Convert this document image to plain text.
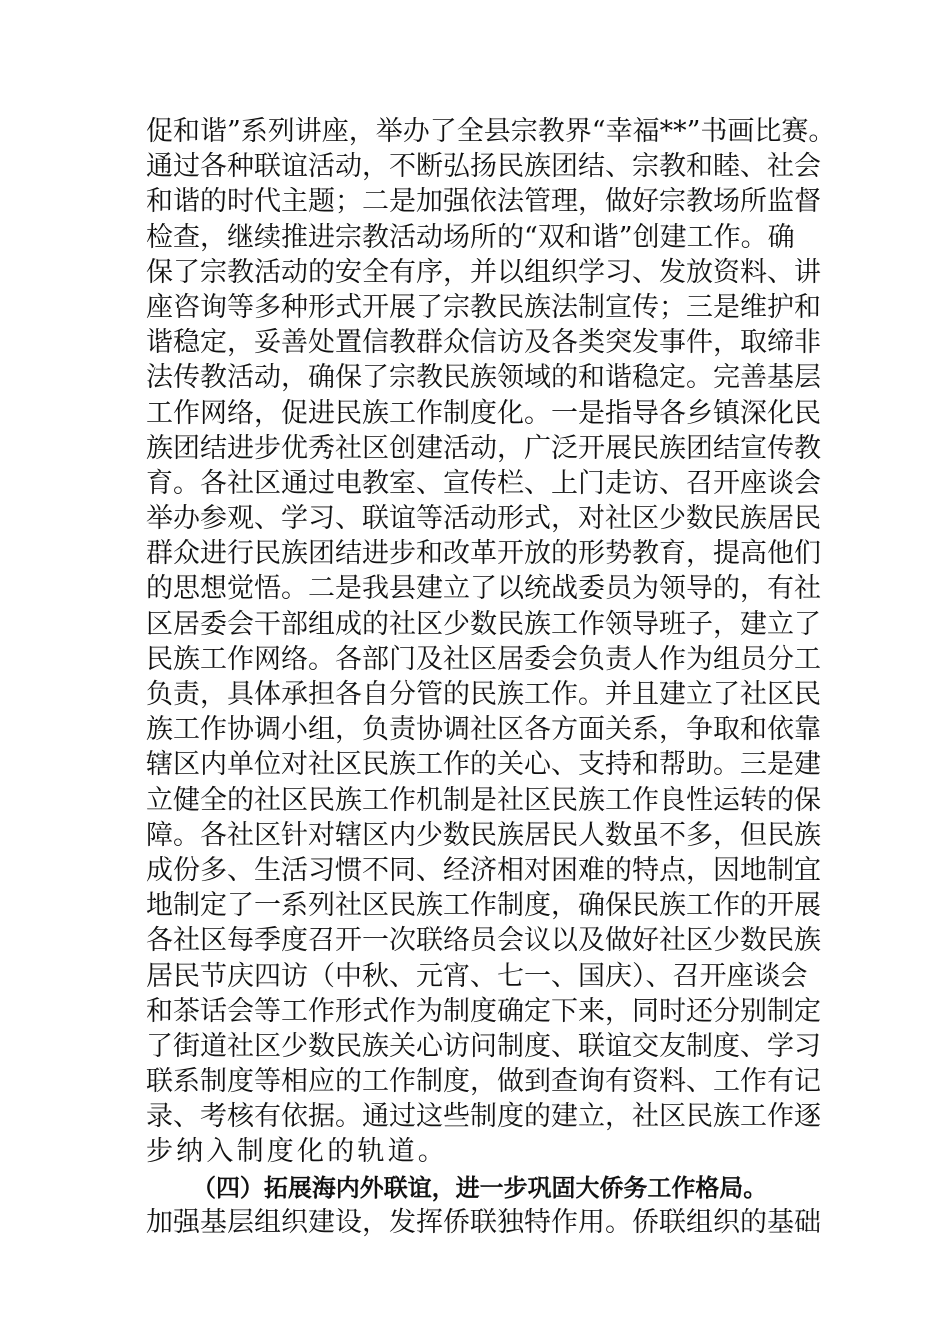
促和谐”系列讲座，举办了全县宗教界“幸福**”书画比赛。
通过各种联谊活动，不断弘扬民族团结、宗教和睦、社会
和谐的时代主题；二是加强依法管理，做好宗教场所监督
检查，继续推进宗教活动场所的“双和谐”创建工作。确
保了宗教活动的安全有序，并以组织学习、发放资料、讲
座咨询等多种形式开展了宗教民族法制宣传；三是维护和
谐稳定，妥善处置信教群众信访及各类突发事件，取缔非
法传教活动，确保了宗教民族领域的和谐稳定。完善基层
工作网络，促进民族工作制度化。一是指导各乡镇深化民
族团结进步优秀社区创建活动，广泛开展民族团结宣传教
育。各社区通过电教室、宣传栏、上门走访、召开座谈会
举办参观、学习、联谊等活动形式，对社区少数民族居民
群众进行民族团结进步和改革开放的形势教育，提高他们
的思想觉悟。二是我县建立了以统战委员为领导的，有社
区居委会干部组成的社区少数民族工作领导班子，建立了
民族工作网络。各部门及社区居委会负责人作为组员分工
负责，具体承担各自分管的民族工作。并且建立了社区民
族工作协调小组，负责协调社区各方面关系，争取和依靠
辖区内单位对社区民族工作的关心、支持和帮助。三是建
立健全的社区民族工作机制是社区民族工作良性运转的保
障。各社区针对辖区内少数民族居民人数虽不多，但民族
成份多、生活习惯不同、经济相对困难的特点，因地制宜
地制定了一系列社区民族工作制度，确保民族工作的开展
各社区每季度召开一次联络员会议以及做好社区少数民族
居民节庆四访（中秋、元宵、七一、国庆）、召开座谈会
和茶话会等工作形式作为制度确定下来，同时还分别制定
了街道社区少数民族关心访问制度、联谊交友制度、学习
联系制度等相应的工作制度，做到查询有资料、工作有记
录、考核有依据。通过这些制度的建立，社区民族工作逐
步纳入制度化的轨道。
（四）拓展海内外联谊，进一步巩固大侨务工作格局。
加强基层组织建设，发挥侨联独特作用。侨联组织的基础
